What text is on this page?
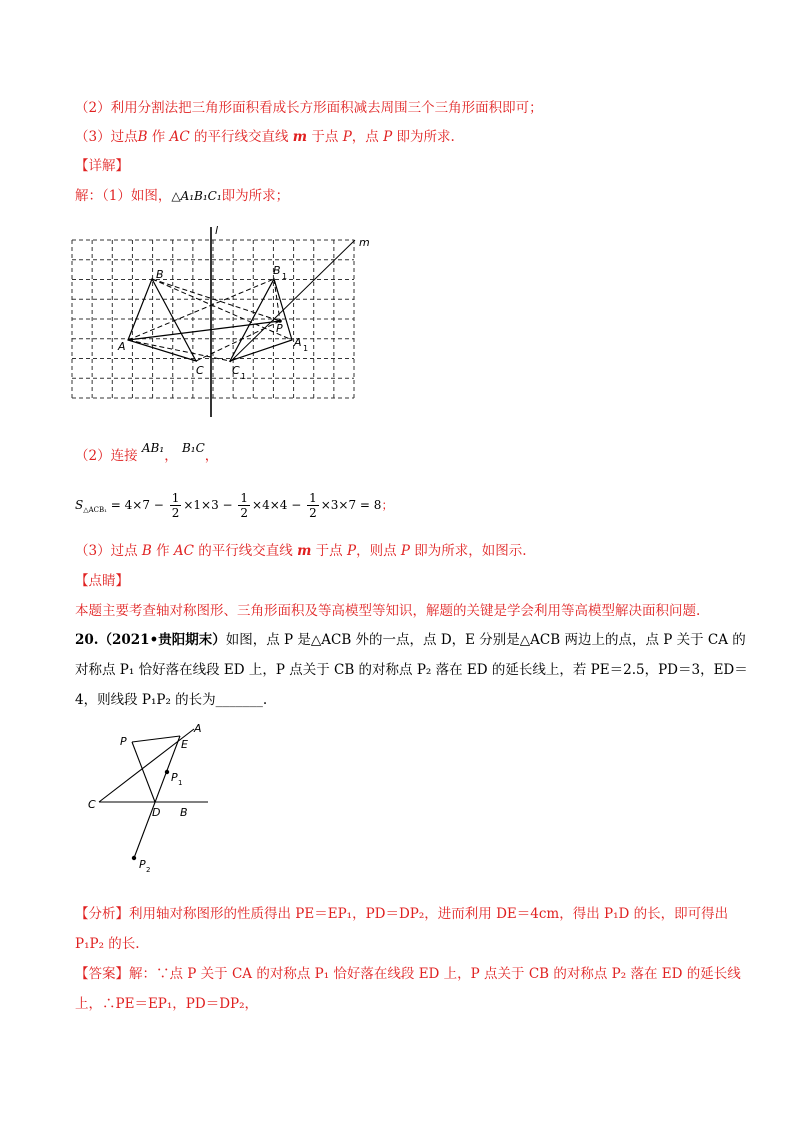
（2）利用分割法把三角形面积看成长方形面积减去周围三个三角形面积即可；
（3）过点B 作 AC 的平行线交直线 m 于点 P，点 P 即为所求.
【详解】
解：（1）如图，△A₁B₁C₁即为所求；
l
m
A
B
C
P
A 1
B 1
C 1
（2）连接 AB₁， B₁C，
$S_{\triangle ACB_1} = 4\times 7 - \frac{1}{2} \times 1\times 3 - \frac{1}{2} \times 4\times 4 - \frac{1}{2} \times 3\times 7 = 8$；
（3）过点 B 作 AC 的平行线交直线 m 于点 P，则点 P 即为所求，如图示.
【点睛】
本题主要考查轴对称图形、三角形面积及等高模型等知识，解题的关键是学会利用等高模型解决面积问题.
20.（2021•贵阳期末）如图，点 P 是△ACB 外的一点，点 D，E 分别是△ACB 两边上的点，点 P 关于 CA 的
对称点 P₁ 恰好落在线段 ED 上，P 点关于 CB 的对称点 P₂ 落在 ED 的延长线上，若 PE＝2.5，PD＝3，ED＝
4，则线段 P₁P₂ 的长为_______.
A
P	E
P 1
C
D B
P 2
【分析】利用轴对称图形的性质得出 PE＝EP₁，PD＝DP₂，进而利用 DE＝4cm，得出 P₁D 的长，即可得出
P₁P₂ 的长.
【答案】解：∵点 P 关于 CA 的对称点 P₁ 恰好落在线段 ED 上，P 点关于 CB 的对称点 P₂ 落在 ED 的延长线
上，∴PE＝EP₁，PD＝DP₂，
